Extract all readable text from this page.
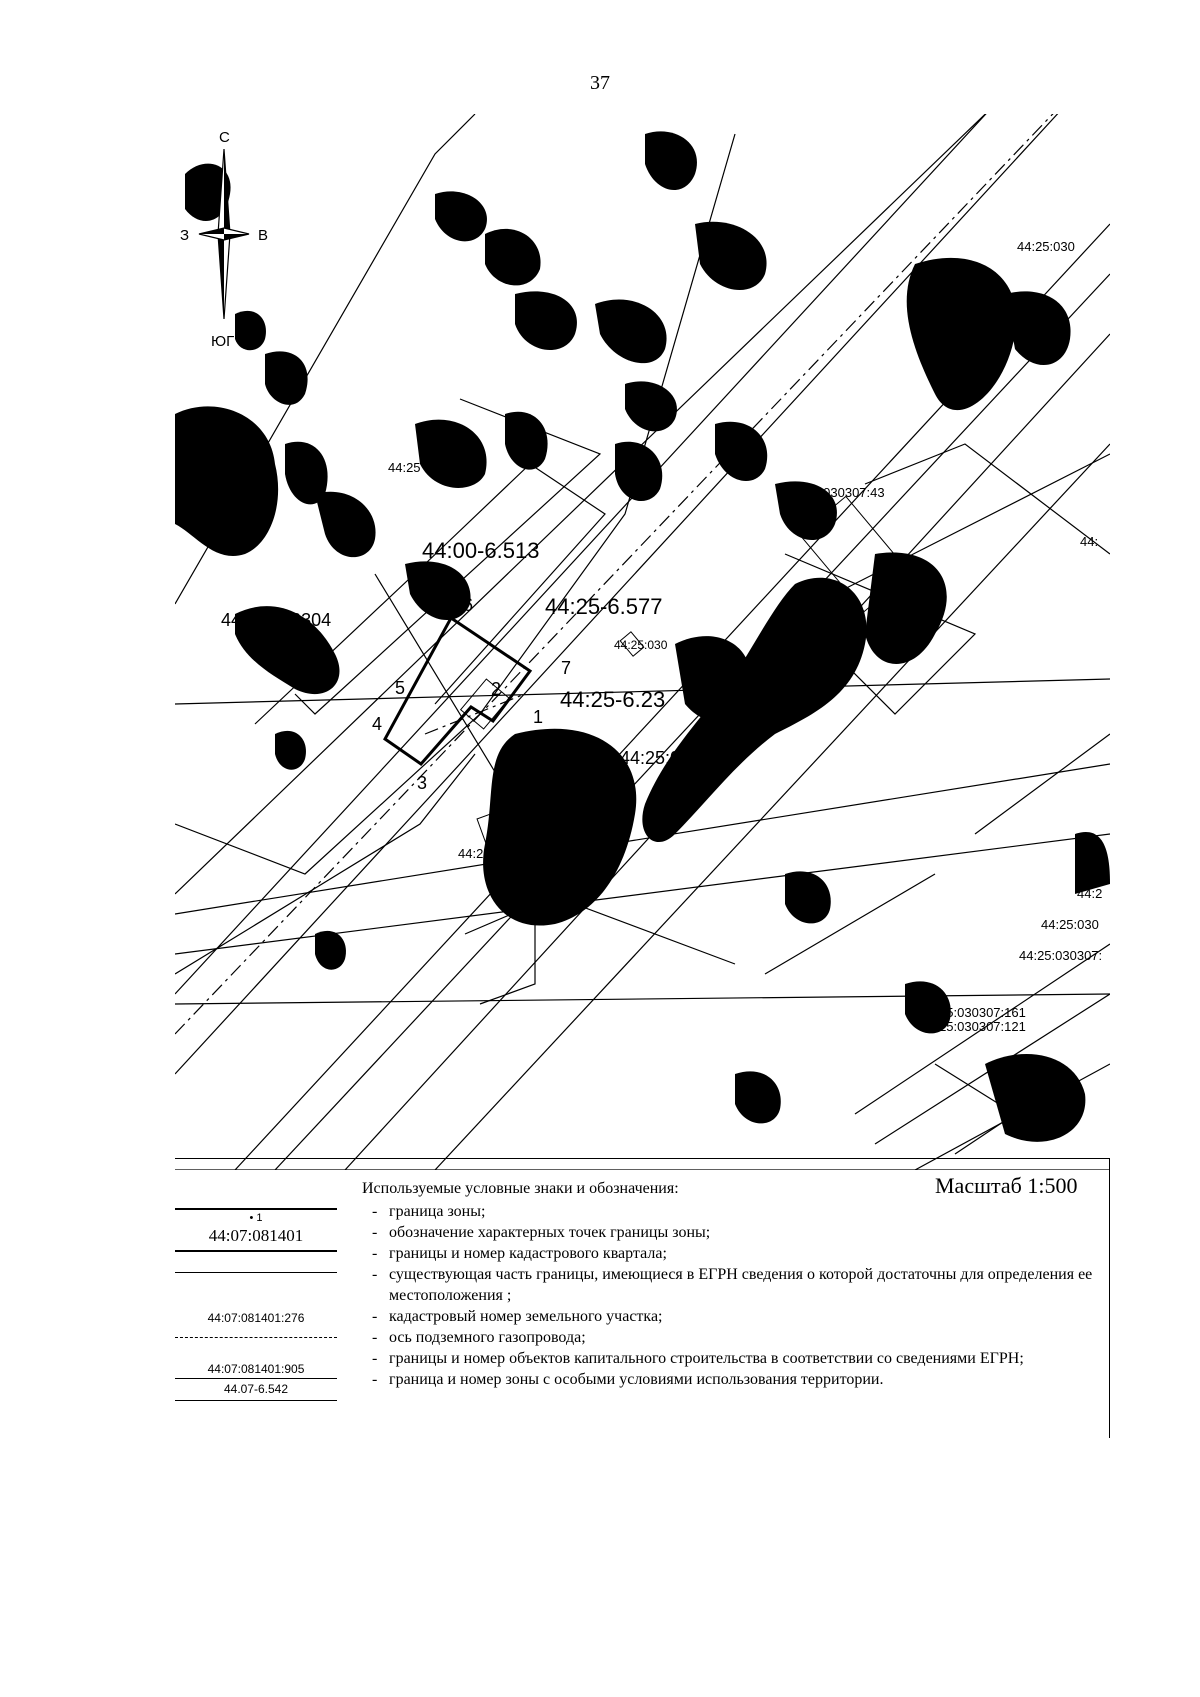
37
С
ЮГ
З	В
44:00-6.513
44:25-6.577
44:25-6.23
1
2
3
4
5
6
7
44:25:030
44:25:030307:43
44:25
44:25:030304
44:25:030
44:25:030307
44:25:03030
44:
44:2
44:25:030
44:25:030307:
44:25:030307:161
44:25:030307:121
Масштаб 1:500
Используемые условные знаки и обозначения:
• 1
44:07:081401
44:07:081401:276
44:07:081401:905
44.07-6.542
- граница зоны;
- обозначение характерных точек границы зоны;
- границы и номер кадастрового квартала;
- существующая часть границы, имеющиеся в ЕГРН сведения о которой достаточны для определения ее местоположения ;
- кадастровый номер земельного участка;
- ось подземного газопровода;
- границы и номер объектов капитального строительства в соответствии со сведениями ЕГРН;
- граница и номер зоны с особыми условиями использования территории.
